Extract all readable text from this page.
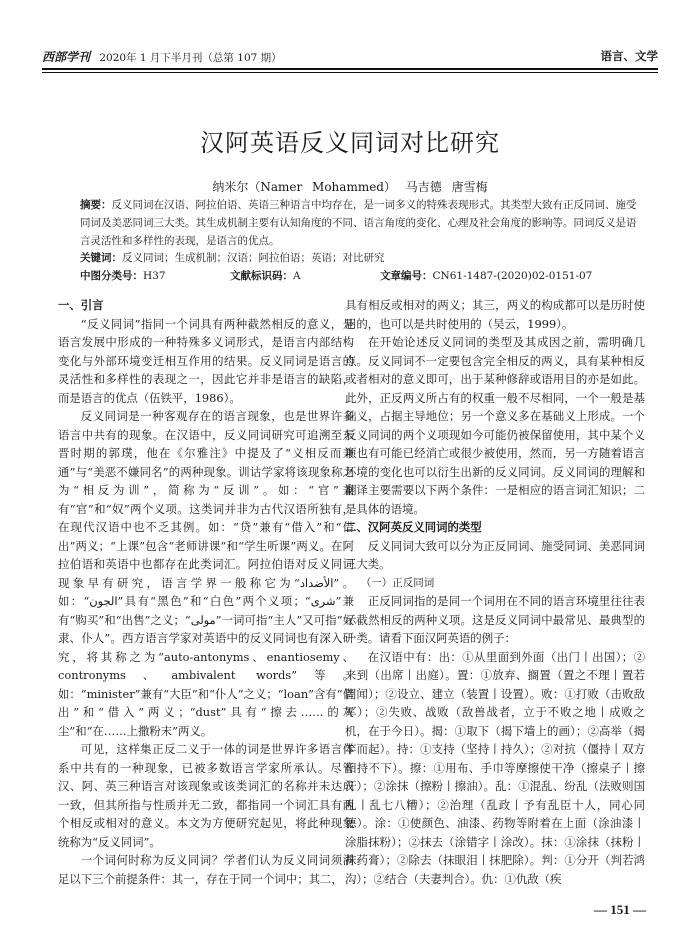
西部学刊 2020年 1 月下半月刊（总第 107 期）	语言、文学
汉阿英语反义同词对比研究
纳米尔（Namer Mohammed） 马吉德 唐雪梅
摘要：反义同词在汉语、阿拉伯语、英语三种语言中均存在，是一词多义的特殊表现形式。其类型大致有正反同词、施受同词及美恶同词三大类。其生成机制主要有认知角度的不同、语言角度的变化、心理及社会角度的影响等。同词反义是语言灵活性和多样性的表现，是语言的优点。
关键词：反义同词；生成机制；汉语；阿拉伯语；英语；对比研究
中图分类号：H37	文献标识码：A	文章编号：CN61-1487-(2020)02-0151-07
一、引言

“反义同词”指同一个词具有两种截然相反的意义，是语言发展中形成的一种特殊多义词形式，是语言内部结构变化与外部环境变迁相互作用的结果。反义同词是语言的灵活性和多样性的表现之一，因此它并非是语言的缺陷，而是语言的优点（伍铁平，1986）。

反义同词是一种客观存在的语言现象，也是世界许多语言中共有的现象。在汉语中，反义同词研究可追溯至东晋时期的郭璞，他在《尔雅注》中提及了“义相反而兼通”与“美恶不嫌同名”的两种现象。训诂学家将该现象称之为“相反为训”，简称为“反训”。如：“官”兼有“官”和“奴”两个义项。这类词并非为古代汉语所独有，在现代汉语中也不乏其例。如：“贷”兼有“借入”和“借出”两义；“上课”包含“老师讲课”和“学生听课”两义。在阿拉伯语和英语中也都存在此类词汇。阿拉伯语对反义同词现象早有研究，语言学界一般称它为“الأضداد”。如：“الجون”具有“黑色”和“白色”两个义项；“شرى”兼有“购买”和“出售”之义；“مولى”一词可指“主人”又可指“奴隶、仆人”。西方语言学家对英语中的反义同词也有深入研究，将其称之为“auto-antonyms、enantiosemy、contronyms、ambivalent words”等。如：“minister”兼有“大臣”和“仆人”之义；“loan”含有“借出”和“借入”两义；“dust”具有“擦去……的灰尘”和“在……上撒粉末”两义。

可见，这样集正反二义于一体的词是世界许多语言体系中共有的一种现象，已被多数语言学家所承认。尽管汉、阿、英三种语言对该现象或该类词汇的名称并未达成一致，但其所指与性质并无二致，都指同一个词汇具有两个相反或相对的意义。本文为方便研究起见，将此种现象统称为“反义同词”。

一个词何时称为反义同词？学者们认为反义同词须满足以下三个前提条件：其一，存在于同一个词中；其二，

具有相反或相对的两义；其三，两义的构成都可以是历时使用的，也可以是共时使用的（吴云，1999）。

在开始论述反义同词的类型及其成因之前，需明确几点。反义同词不一定要包含完全相反的两义，具有某种相反或者相对的意义即可，出于某种修辞或语用目的亦是如此。此外，正反两义所占有的权重一般不尽相同，一个一般是基础义，占据主导地位；另一个意义多在基础义上形成。一个反义同词的两个义项现如今可能仍被保留使用，其中某个义项也有可能已经消亡或很少被使用，然而，另一方随着语言环境的变化也可以衍生出新的反义同词。反义同词的理解和翻译主要需要以下两个条件：一是相应的语言词汇知识；二是具体的语境。

二、汉阿英反义同词的类型

反义同词大致可以分为正反同词、施受同词、美恶同词三大类。

（一）正反同词

正反同词指的是同一个词用在不同的语言环境里往往表示截然相反的两种义项。这是反义同词中最常见、最典型的一类。请看下面汉阿英语的例子：

在汉语中有：出：①从里面到外面（出门丨出国）；②来到（出席丨出庭）。置：①放弃、搁置（置之不理丨置若罔闻）；②设立、建立（装置丨设置）。败：①打败（击败敌军）；②失败、战败（敌兽战者，立于不败之地丨成败之机，在于今日）。揭：①取下（揭下墙上的画）；②高举（揭竿而起）。持：①支持（坚持丨持久）；②对抗（僵持丨双方相持不下）。擦：①用布、手巾等摩擦使干净（擦桌子丨擦汗）；②涂抹（擦粉丨擦油）。乱：①混乱、纷乱（法败则国乱丨乱七八糟）；②治理（乱政丨予有乱臣十人，同心同德）。涂：①使颜色、油漆、药物等附着在上面（涂油漆丨涂脂抹粉）；②抹去（涂错字丨涂改）。抹：①涂抹（抹粉丨抹药膏）；②除去（抹眼泪丨抹肥除）。判：①分开（判若鸿沟）；②结合（夫妻判合）。仇：①仇敌（疾

— 151 —
